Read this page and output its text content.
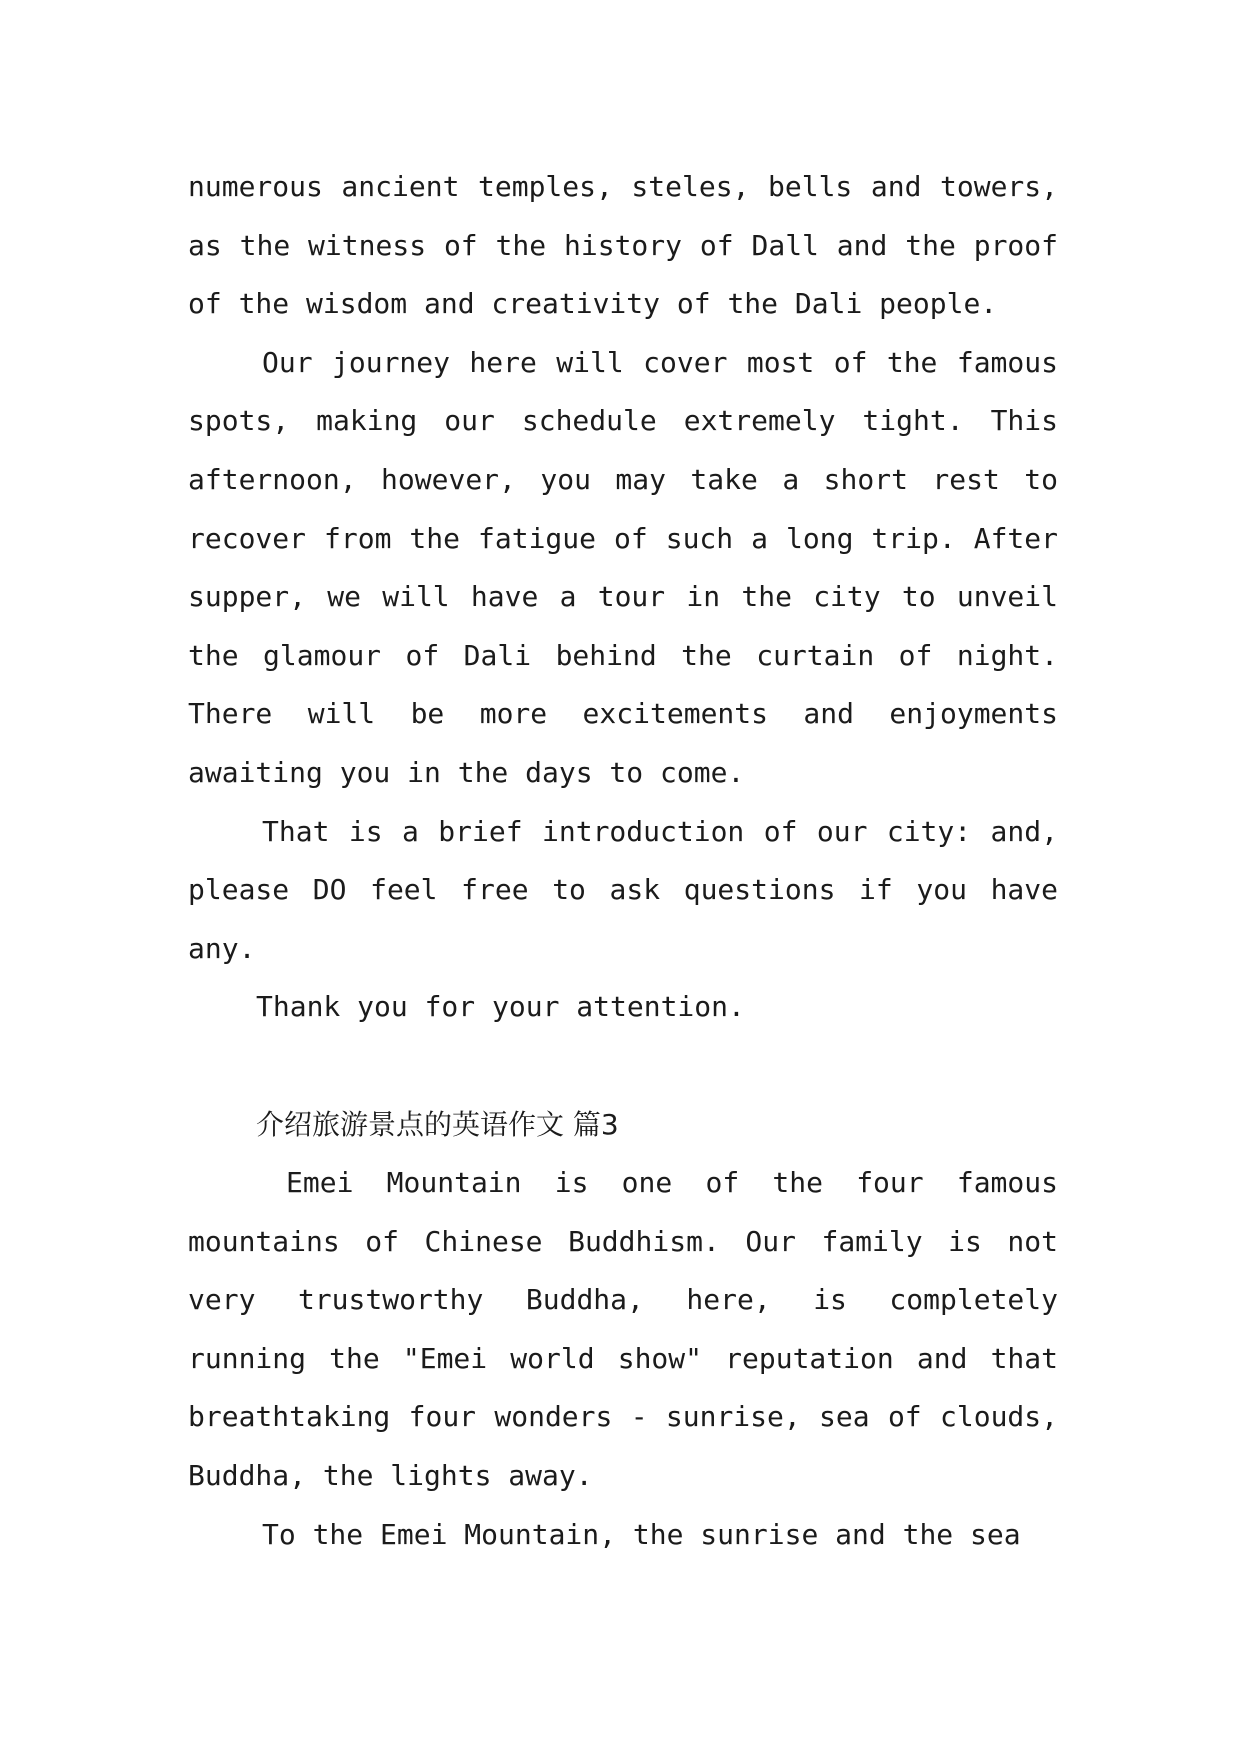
numerous ancient temples, steles, bells and towers, as the witness of the history of Dall and the proof of the wisdom and creativity of the Dali people.

Our journey here will cover most of the famous spots, making our schedule extremely tight. This afternoon, however, you may take a short rest to recover from the fatigue of such a long trip. After supper, we will have a tour in the city to unveil the glamour of Dali behind the curtain of night. There will be more excitements and enjoyments awaiting you in the days to come.

That is a brief introduction of our city: and, please DO feel free to ask questions if you have any.

Thank you for your attention.

介绍旅游景点的英语作文 篇3

Emei Mountain is one of the four famous mountains of Chinese Buddhism. Our family is not very trustworthy Buddha, here, is completely running the "Emei world show" reputation and that breathtaking four wonders - sunrise, sea of clouds, Buddha, the lights away.

To the Emei Mountain, the sunrise and the sea
